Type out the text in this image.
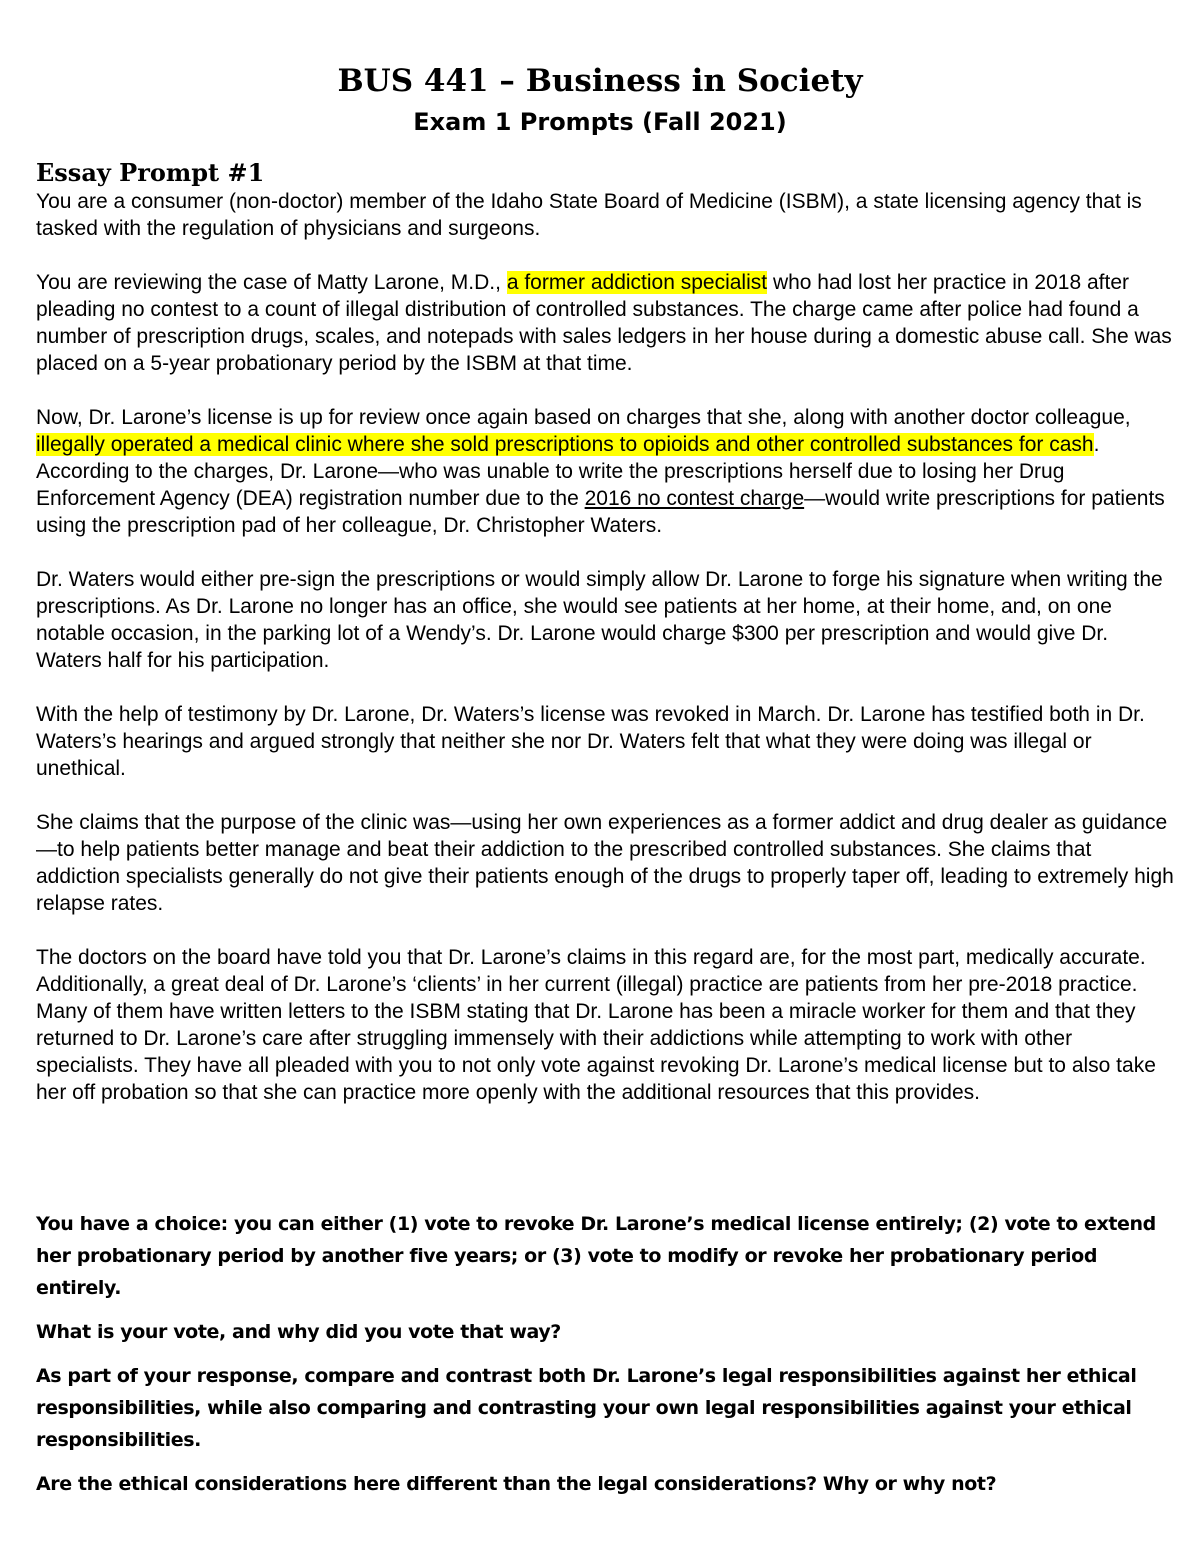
BUS 441 – Business in Society
Exam 1 Prompts (Fall 2021)
Essay Prompt #1

You are a consumer (non-doctor) member of the Idaho State Board of Medicine (ISBM), a state licensing agency that is tasked with the regulation of physicians and surgeons.

You are reviewing the case of Matty Larone, M.D., a former addiction specialist who had lost her practice in 2018 after pleading no contest to a count of illegal distribution of controlled substances. The charge came after police had found a number of prescription drugs, scales, and notepads with sales ledgers in her house during a domestic abuse call. She was placed on a 5-year probationary period by the ISBM at that time.

Now, Dr. Larone’s license is up for review once again based on charges that she, along with another doctor colleague, illegally operated a medical clinic where she sold prescriptions to opioids and other controlled substances for cash.

According to the charges, Dr. Larone—who was unable to write the prescriptions herself due to losing her Drug Enforcement Agency (DEA) registration number due to the 2016 no contest charge—would write prescriptions for patients using the prescription pad of her colleague, Dr. Christopher Waters.

Dr. Waters would either pre-sign the prescriptions or would simply allow Dr. Larone to forge his signature when writing the prescriptions. As Dr. Larone no longer has an office, she would see patients at her home, at their home, and, on one notable occasion, in the parking lot of a Wendy’s. Dr. Larone would charge $300 per prescription and would give Dr. Waters half for his participation.

With the help of testimony by Dr. Larone, Dr. Waters’s license was revoked in March. Dr. Larone has testified both in Dr. Waters’s hearings and argued strongly that neither she nor Dr. Waters felt that what they were doing was illegal or unethical.

She claims that the purpose of the clinic was—using her own experiences as a former addict and drug dealer as guidance—to help patients better manage and beat their addiction to the prescribed controlled substances. She claims that addiction specialists generally do not give their patients enough of the drugs to properly taper off, leading to extremely high relapse rates.

The doctors on the board have told you that Dr. Larone’s claims in this regard are, for the most part, medically accurate. Additionally, a great deal of Dr. Larone’s ‘clients’ in her current (illegal) practice are patients from her pre-2018 practice. Many of them have written letters to the ISBM stating that Dr. Larone has been a miracle worker for them and that they returned to Dr. Larone’s care after struggling immensely with their addictions while attempting to work with other specialists. They have all pleaded with you to not only vote against revoking Dr. Larone’s medical license but to also take her off probation so that she can practice more openly with the additional resources that this provides.

You have a choice: you can either (1) vote to revoke Dr. Larone’s medical license entirely; (2) vote to extend her probationary period by another five years; or (3) vote to modify or revoke her probationary period entirely.

What is your vote, and why did you vote that way?

As part of your response, compare and contrast both Dr. Larone’s legal responsibilities against her ethical responsibilities, while also comparing and contrasting your own legal responsibilities against your ethical responsibilities.

Are the ethical considerations here different than the legal considerations? Why or why not?
